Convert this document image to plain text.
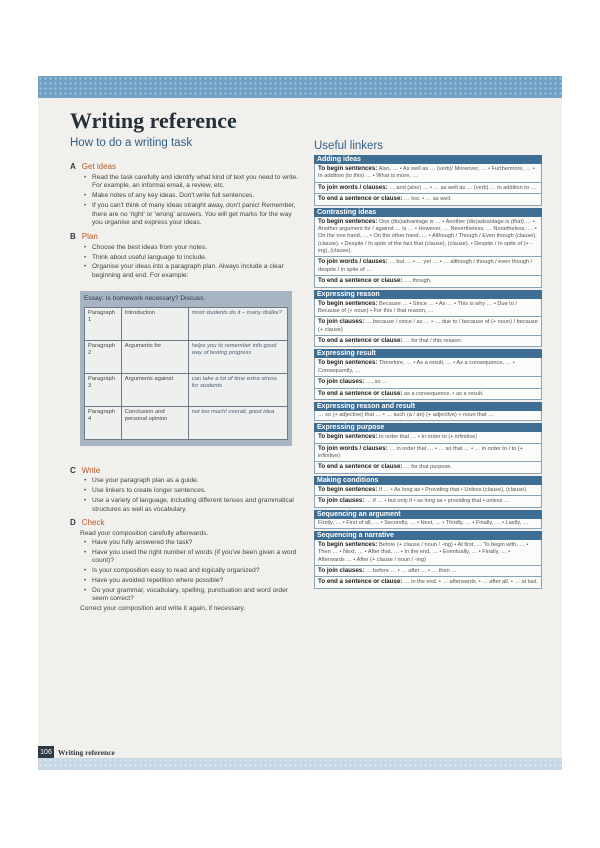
Writing reference
How to do a writing task
A Get ideas
• Read the task carefully and identify what kind of text you need to write. For example, an informal email, a review, etc.
• Make notes of any key ideas. Don't write full sentences.
• If you can't think of many ideas straight away, don't panic! Remember, there are no 'right' or 'wrong' answers. You will get marks for the way you organise and express your ideas.
B Plan
• Choose the best ideas from your notes.
• Think about useful language to include.
• Organise your ideas into a paragraph plan. Always include a clear beginning and end. For example:
Essay: Is homework necessary? Discuss.
Paragraph 1	Introduction	most students do it – many dislike?
Paragraph 2	Arguments for	helps you to remember info good way of testing progress
Paragraph 3	Arguments against	can take a lot of time extra stress for students
Paragraph 4	Conclusion and personal opinion	not too much! overall, good idea
C Write
• Use your paragraph plan as a guide.
• Use linkers to create longer sentences.
• Use a variety of language, including different tenses and grammatical structures as well as vocabulary.
D Check
Read your composition carefully afterwards.
• Have you fully answered the task?
• Have you used the right number of words (if you've been given a word count)?
• Is your composition easy to read and logically organized?
• Have you avoided repetition where possible?
• Do your grammar, vocabulary, spelling, punctuation and word order seem correct?
Correct your composition and write it again, if necessary.
Useful linkers
Adding ideas
To begin sentences: Also, … • As well as … (verb)/ Moreover, … • Furthermore, … • In addition (to this) … • What is more, …
To join words / clauses: … and (also) … • … as well as … (verb) … in addition to …
To end a sentence or clause: … too. • … as well.
Contrasting ideas
To begin sentences: One (dis)advantage is … • Another (dis)advantage is (that) … • Another argument for / against … is … • However, … Nevertheless, … Nonetheless, … • On the one hand, … • On the other hand, … • Although / Though / Even though (clause), (clause). • Despite / In spite of the fact that (clause), (clause). • Despite / In spite of (+ -ing), (clause).
To join words / clauses: … but … • … yet … • … although / though / even though / despite / in spite of …
To end a sentence or clause: …, though.
Expressing reason
To begin sentences: Because … • Since … • As … • This is why … • Due to / Because of (+ noun) • For this / that reason, …
To join clauses: … because / since / as … • … due to / because of (+ noun) / because (+ clause)
To end a sentence or clause: … for that / this reason.
Expressing result
To begin sentences: Therefore, … • As a result, … • As a consequence, … • Consequently, …
To join clauses: …, so …
To end a sentence or clause: as a consequence. • as a result.
Expressing reason and result
… so (+ adjective) that … • … such (a / an) (+ adjective) + noun that …
Expressing purpose
To begin sentences: In order that … • In order to (+ infinitive)
To join words / clauses: … in order that … • … so that … • … in order to / to (+ infinitive)
To end a sentence or clause: … for that purpose.
Making conditions
To begin sentences: If … • As long as • Providing that • Unless (clause), (clause).
To join clauses: … if … • but only if • as long as • providing that • unless …
Sequencing an argument
Firstly, … • First of all, … • Secondly, … • Next, … • Thirdly, … • Finally, … • Lastly, …
Sequencing a narrative
To begin sentences: Before (+ clause / noun / -ing) • At first, … To begin with, … • Then … • Next, … • After that, … • In the end, … • Eventually, … • Finally, … • Afterwards … • After (+ clause / noun / -ing)
To join clauses: … before … • … after … • … then …
To end a sentence or clause: … in the end. • … afterwards. • … after all. • … at last.
106 Writing reference
